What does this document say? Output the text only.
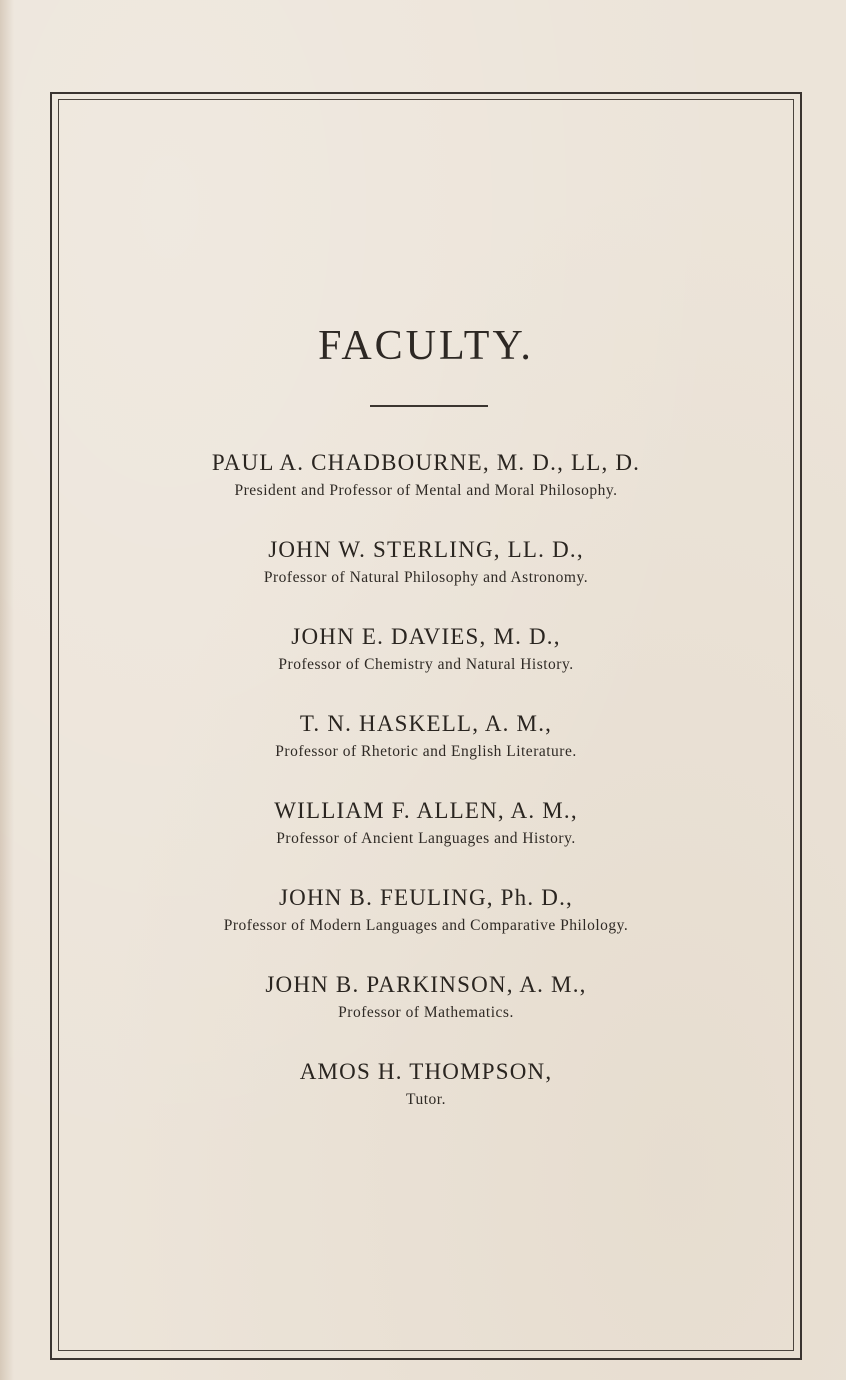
FACULTY.
PAUL A. CHADBOURNE, M. D., LL, D.
President and Professor of Mental and Moral Philosophy.
JOHN W. STERLING, LL. D.,
Professor of Natural Philosophy and Astronomy.
JOHN E. DAVIES, M. D.,
Professor of Chemistry and Natural History.
T. N. HASKELL, A. M.,
Professor of Rhetoric and English Literature.
WILLIAM F. ALLEN, A. M.,
Professor of Ancient Languages and History.
JOHN B. FEULING, Ph. D.,
Professor of Modern Languages and Comparative Philology.
JOHN B. PARKINSON, A. M.,
Professor of Mathematics.
AMOS H. THOMPSON,
Tutor.
